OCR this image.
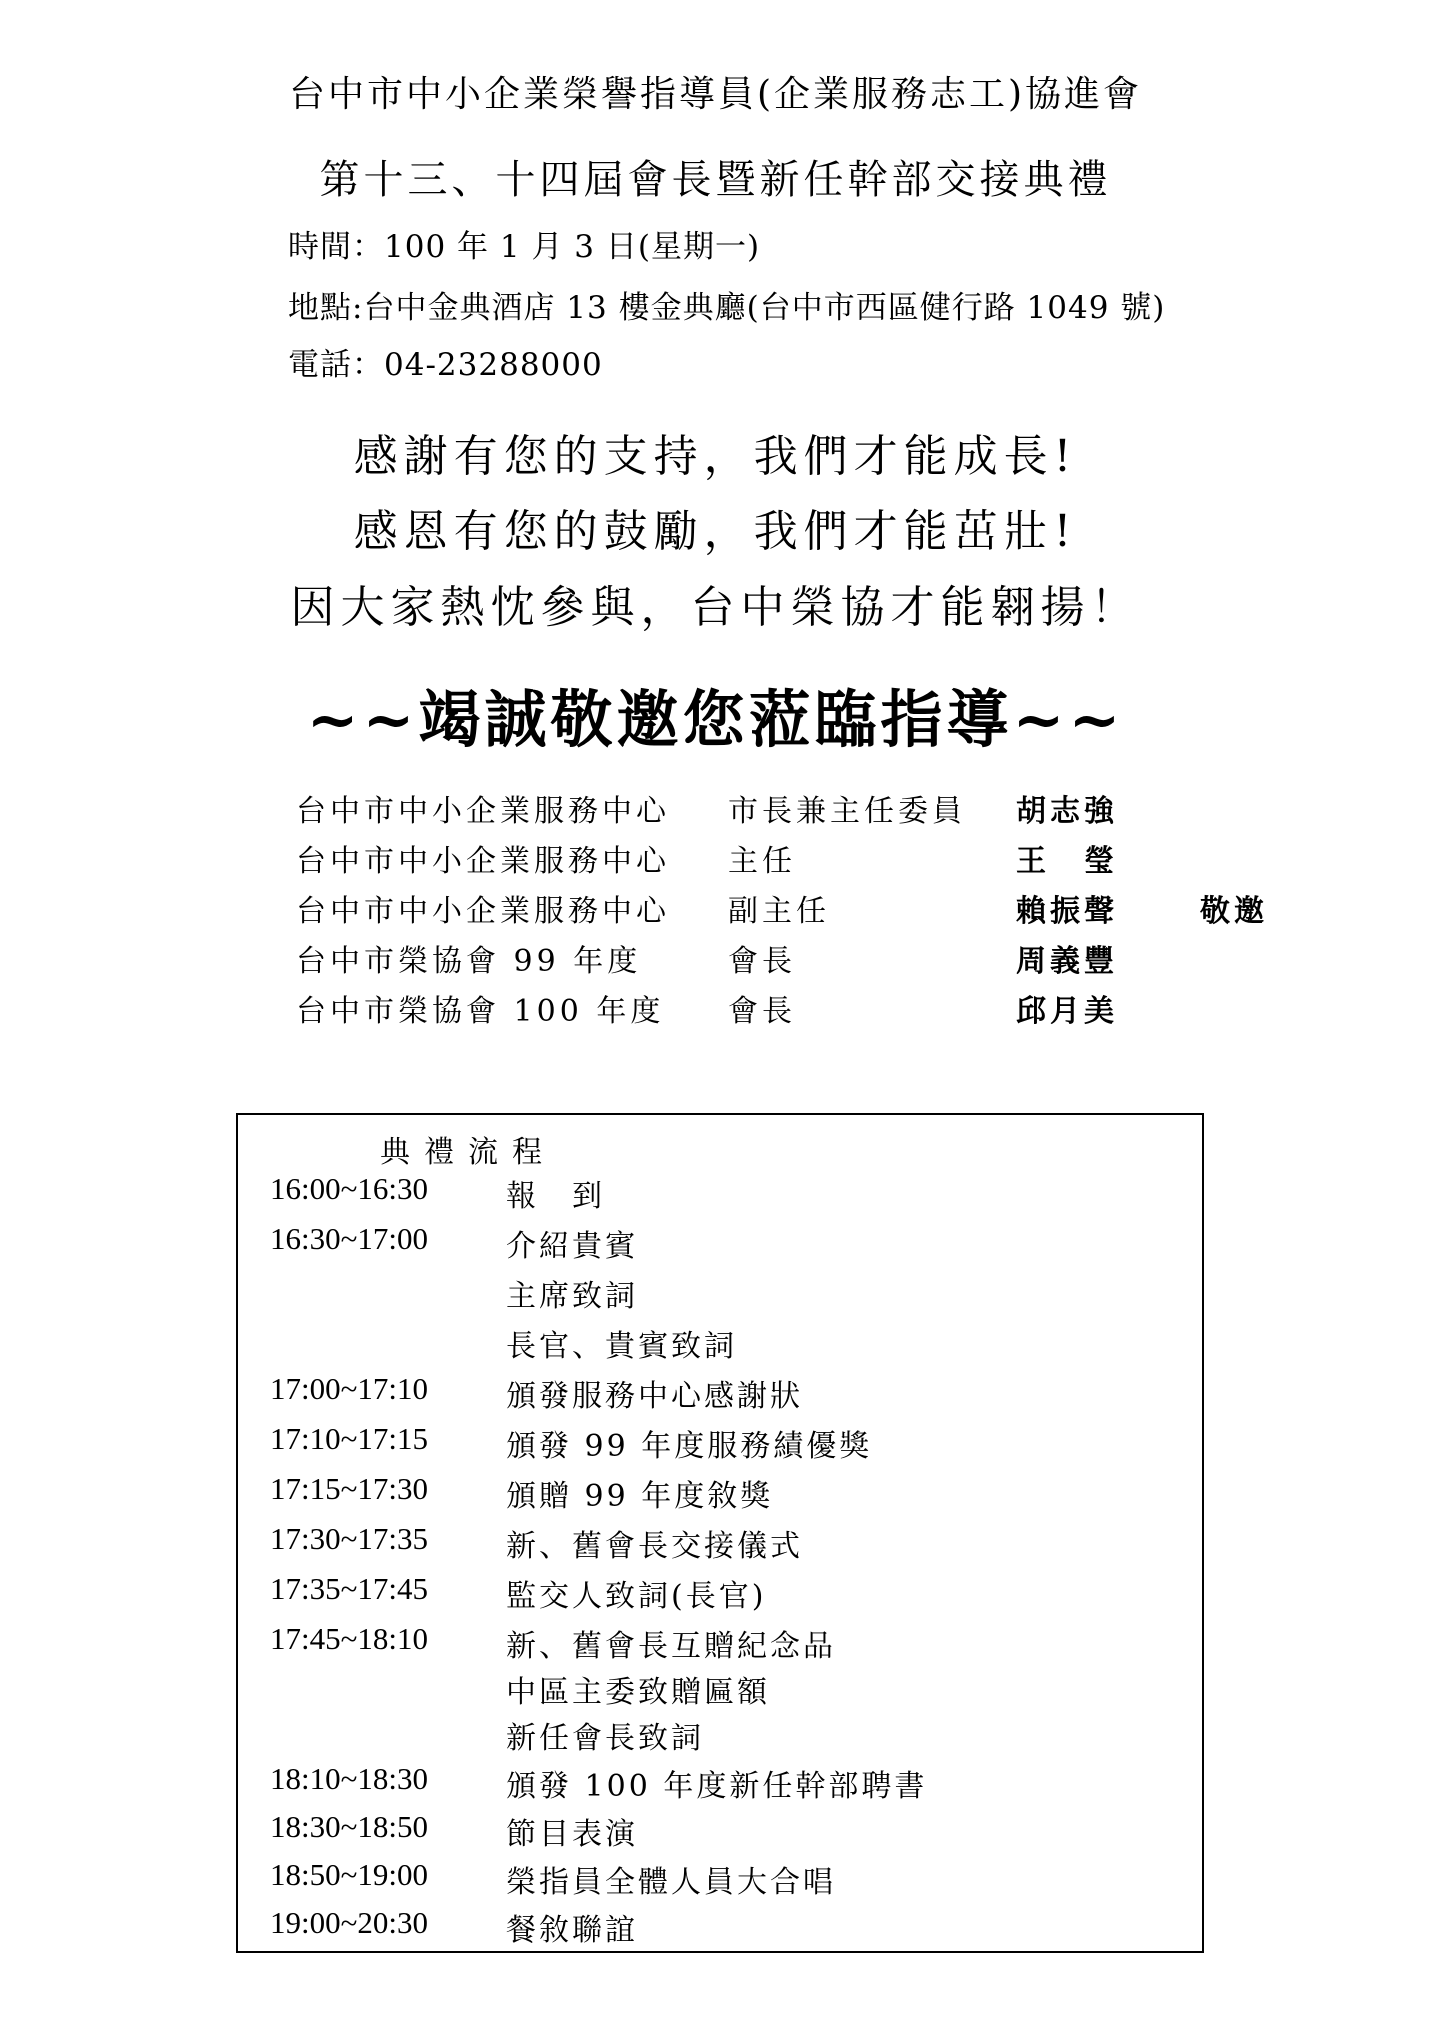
台中市中小企業榮譽指導員(企業服務志工)協進會
第十三、十四屆會長暨新任幹部交接典禮
時間：100 年 1 月 3 日(星期一)
地點:台中金典酒店 13 樓金典廳(台中市西區健行路 1049 號)
電話：04-23288000
感謝有您的支持，我們才能成長!
感恩有您的鼓勵，我們才能茁壯!
因大家熱忱參與，台中榮協才能翱揚！
~~竭誠敬邀您蒞臨指導~~
台中市中小企業服務中心 市長兼主任委員 胡志強
台中市中小企業服務中心 主任	王　瑩
台中市中小企業服務中心 副主任	賴振聲	敬邀
台中市榮協會 99 年度	會長	周義豐
台中市榮協會 100 年度 會長	邱月美
典禮流程
16:00~16:30	報　到
16:30~17:00	介紹貴賓
主席致詞
長官、貴賓致詞
17:00~17:10	頒發服務中心感謝狀
17:10~17:15	頒發 99 年度服務績優獎
17:15~17:30	頒贈 99 年度敘獎
17:30~17:35	新、舊會長交接儀式
17:35~17:45	監交人致詞(長官)
17:45~18:10	新、舊會長互贈紀念品
中區主委致贈匾額
新任會長致詞
18:10~18:30	頒發 100 年度新任幹部聘書
18:30~18:50	節目表演
18:50~19:00	榮指員全體人員大合唱
19:00~20:30	餐敘聯誼
